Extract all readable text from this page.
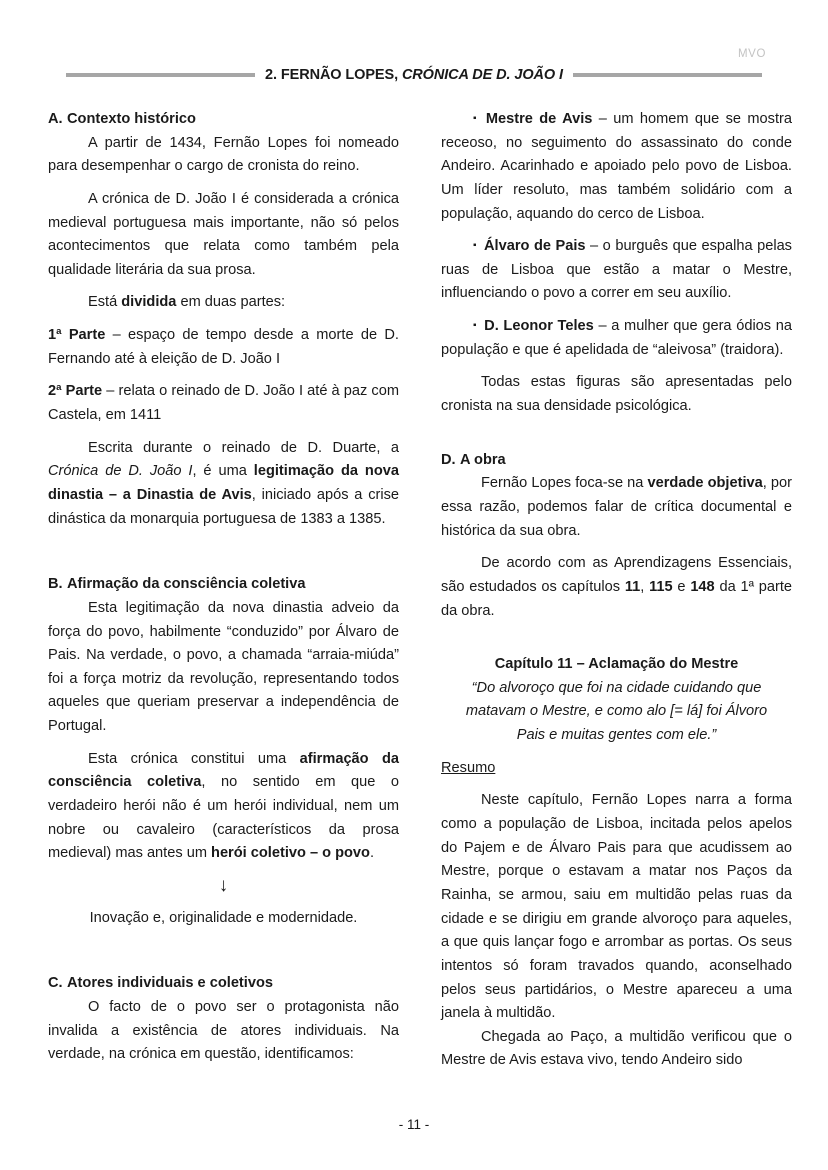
MVO
2. FERNÃO LOPES, CRÓNICA DE D. JOÃO I
A. Contexto histórico

A partir de 1434, Fernão Lopes foi nomeado para desempenhar o cargo de cronista do reino.

A crónica de D. João I é considerada a crónica medieval portuguesa mais importante, não só pelos acontecimentos que relata como também pela qualidade literária da sua prosa.

Está dividida em duas partes:

1ª Parte – espaço de tempo desde a morte de D. Fernando até à eleição de D. João I

2ª Parte – relata o reinado de D. João I até à paz com Castela, em 1411

Escrita durante o reinado de D. Duarte, a Crónica de D. João I, é uma legitimação da nova dinastia – a Dinastia de Avis, iniciado após a crise dinástica da monarquia portuguesa de 1383 a 1385.

B. Afirmação da consciência coletiva

Esta legitimação da nova dinastia adveio da força do povo, habilmente “conduzido” por Álvaro de Pais. Na verdade, o povo, a chamada “arraia-miúda” foi a força motriz da revolução, representando todos aqueles que queriam preservar a independência de Portugal.

Esta crónica constitui uma afirmação da consciência coletiva, no sentido em que o verdadeiro herói não é um herói individual, nem um nobre ou cavaleiro (característicos da prosa medieval) mas antes um herói coletivo – o povo.

↓
Inovação e, originalidade e modernidade.
C. Atores individuais e coletivos

O facto de o povo ser o protagonista não invalida a existência de atores individuais. Na verdade, na crónica em questão, identificamos:

▪ Mestre de Avis – um homem que se mostra receoso, no seguimento do assassinato do conde Andeiro. Acarinhado e apoiado pelo povo de Lisboa. Um líder resoluto, mas também solidário com a população, aquando do cerco de Lisboa.

▪ Álvaro de Pais – o burguês que espalha pelas ruas de Lisboa que estão a matar o Mestre, influenciando o povo a correr em seu auxílio.

▪ D. Leonor Teles – a mulher que gera ódios na população e que é apelidada de “aleivosa” (traidora).

Todas estas figuras são apresentadas pelo cronista na sua densidade psicológica.

D. A obra

Fernão Lopes foca-se na verdade objetiva, por essa razão, podemos falar de crítica documental e histórica da sua obra.

De acordo com as Aprendizagens Essenciais, são estudados os capítulos 11, 115 e 148 da 1ª parte da obra.

Capítulo 11 – Aclamação do Mestre
“Do alvoroço que foi na cidade cuidando que
matavam o Mestre, e como alo [= lá] foi Álvoro
Pais e muitas gentes com ele.”
Resumo

Neste capítulo, Fernão Lopes narra a forma como a população de Lisboa, incitada pelos apelos do Pajem e de Álvaro Pais para que acudissem ao Mestre, porque o estavam a matar nos Paços da Rainha, se armou, saiu em multidão pelas ruas da cidade e se dirigiu em grande alvoroço para aqueles, a que quis lançar fogo e arrombar as portas. Os seus intentos só foram travados quando, aconselhado pelos seus partidários, o Mestre apareceu a uma janela à multidão.

Chegada ao Paço, a multidão verificou que o Mestre de Avis estava vivo, tendo Andeiro sido

- 11 -
